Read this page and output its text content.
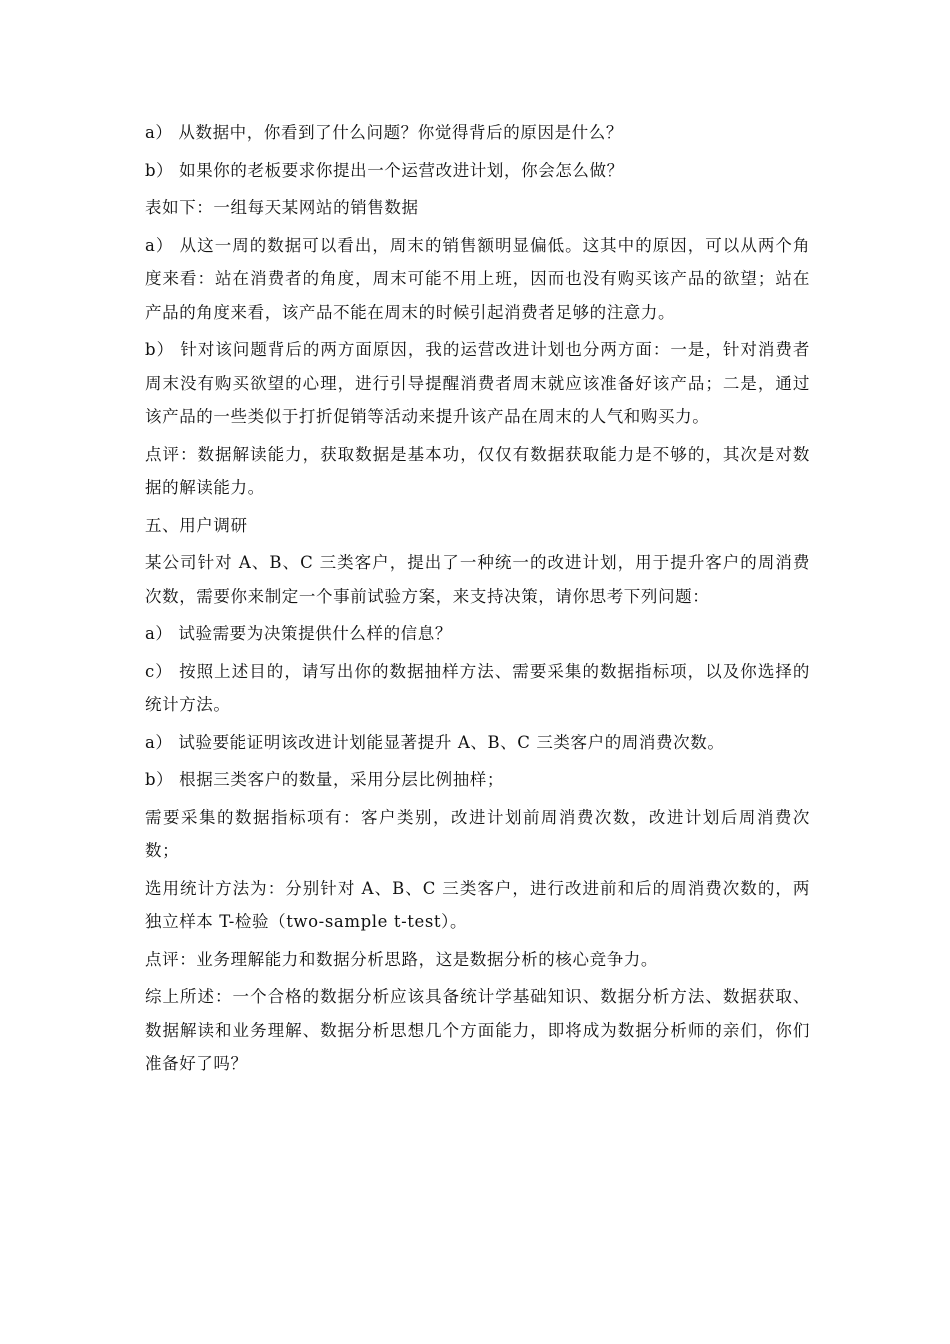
a） 从数据中，你看到了什么问题？你觉得背后的原因是什么？

b） 如果你的老板要求你提出一个运营改进计划，你会怎么做？

表如下：一组每天某网站的销售数据

a） 从这一周的数据可以看出，周末的销售额明显偏低。这其中的原因，可以从两个角度来看：站在消费者的角度，周末可能不用上班，因而也没有购买该产品的欲望；站在产品的角度来看，该产品不能在周末的时候引起消费者足够的注意力。

b） 针对该问题背后的两方面原因，我的运营改进计划也分两方面：一是，针对消费者周末没有购买欲望的心理，进行引导提醒消费者周末就应该准备好该产品；二是，通过该产品的一些类似于打折促销等活动来提升该产品在周末的人气和购买力。

点评：数据解读能力，获取数据是基本功，仅仅有数据获取能力是不够的，其次是对数据的解读能力。

五、用户调研

某公司针对 A、B、C 三类客户，提出了一种统一的改进计划，用于提升客户的周消费次数，需要你来制定一个事前试验方案，来支持决策，请你思考下列问题：

a） 试验需要为决策提供什么样的信息？

c） 按照上述目的，请写出你的数据抽样方法、需要采集的数据指标项，以及你选择的统计方法。

a） 试验要能证明该改进计划能显著提升 A、B、C 三类客户的周消费次数。

b） 根据三类客户的数量，采用分层比例抽样；

需要采集的数据指标项有：客户类别，改进计划前周消费次数，改进计划后周消费次数；

选用统计方法为：分别针对 A、B、C 三类客户，进行改进前和后的周消费次数的，两独立样本 T-检验（two-sample t-test）。

点评：业务理解能力和数据分析思路，这是数据分析的核心竞争力。

综上所述：一个合格的数据分析应该具备统计学基础知识、数据分析方法、数据获取、数据解读和业务理解、数据分析思想几个方面能力，即将成为数据分析师的亲们，你们准备好了吗？
